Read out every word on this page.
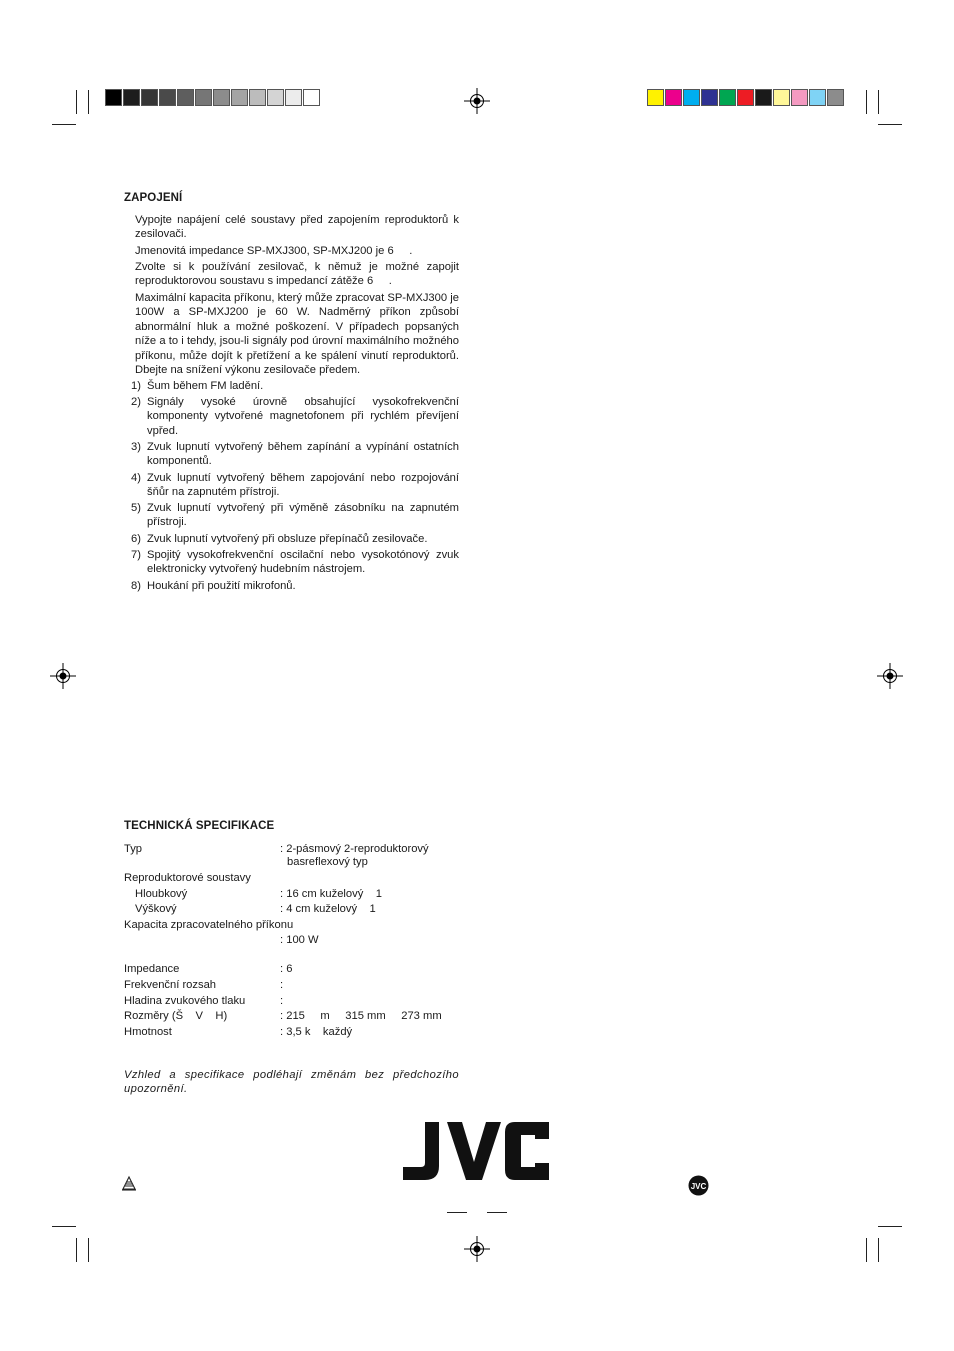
ZAPOJENÍ
Vypojte napájení celé soustavy před zapojením reproduktorů k zesilovači.
Jmenovitá impedance SP-MXJ300, SP-MXJ200 je 6     .
Zvolte si k používání zesilovač, k němuž je možné zapojit reproduktorovou soustavu s impedancí zátěže 6     .
Maximální kapacita příkonu, který může zpracovat SP-MXJ300 je 100W a SP-MXJ200 je 60 W. Nadměrný příkon způsobí abnormální hluk a možné poškození. V případech popsaných níže a to i tehdy, jsou-li signály pod úrovní maximálního možného příkonu, může dojít k přetížení a ke spálení vinutí reproduktorů. Dbejte na snížení výkonu zesilovače předem.
1) Šum během FM ladění.
2) Signály vysoké úrovně obsahující vysokofrekvenční komponenty vytvořené magnetofonem při rychlém převíjení vpřed.
3) Zvuk lupnutí vytvořený během zapínání a vypínání ostatních komponentů.
4) Zvuk lupnutí vytvořený během zapojování nebo rozpojování šňůr na zapnutém přístroji.
5) Zvuk lupnutí vytvořený při výměně zásobníku na zapnutém přístroji.
6) Zvuk lupnutí vytvořený při obsluze přepínačů zesilovače.
7) Spojitý vysokofrekvenční oscilační nebo vysokotónový zvuk elektronicky vytvořený hudebním nástrojem.
8) Houkání při použití mikrofonů.
TECHNICKÁ SPECIFIKACE
Typ	: 2-pásmový 2-reproduktorový
basreflexový typ
Reproduktorové soustavy
Hloubkový	: 16 cm kuželový    1
Výškový	: 4 cm kuželový    1
Kapacita zpracovatelného příkonu
: 100 W
Impedance	: 6
Frekvenční rozsah	:
Hladina zvukového tlaku	:
Rozměry (Š    V    H)	: 215     m     315 mm     273 mm
Hmotnost	: 3,5 k    každý
Vzhled a specifikace podléhají změnám bez předchozího upozornění.
JVC
